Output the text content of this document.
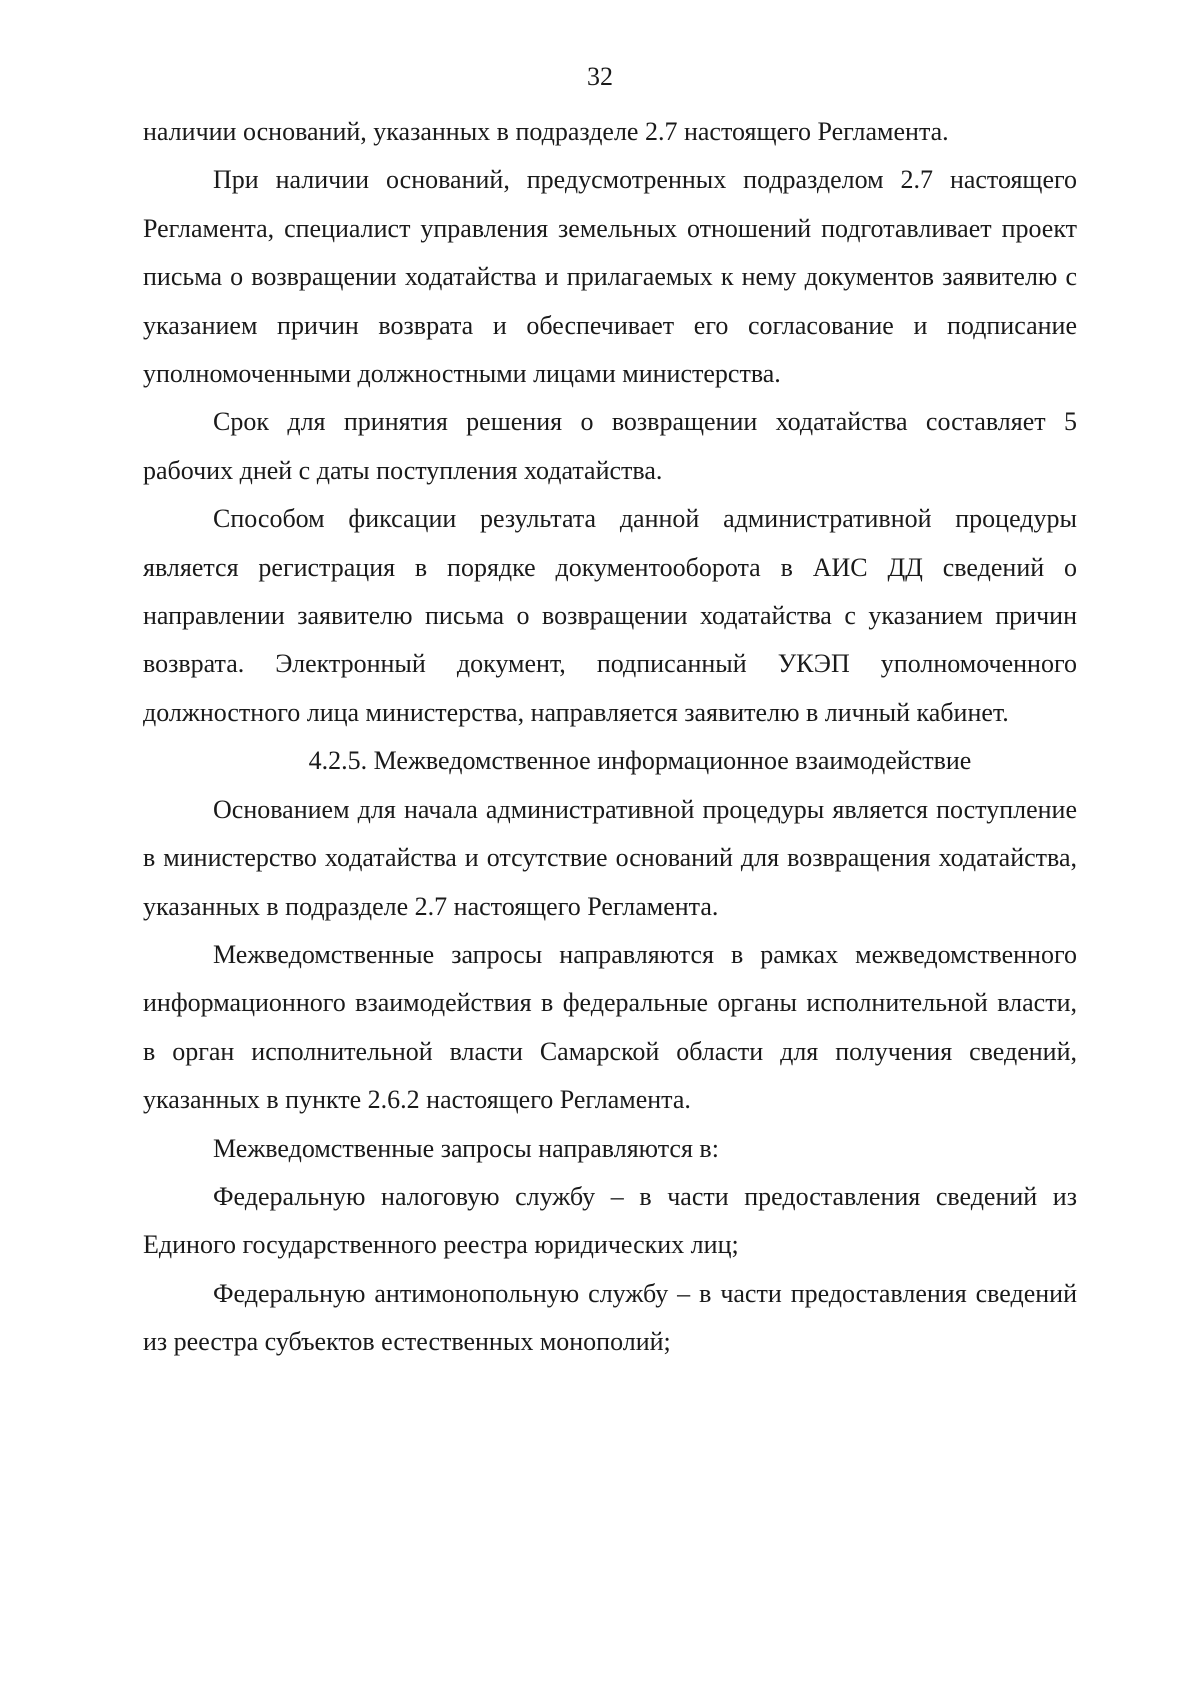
32

наличии оснований, указанных в подразделе 2.7 настоящего Регламента.

При наличии оснований, предусмотренных подразделом 2.7 настоящего Регламента, специалист управления земельных отношений подготавливает проект письма о возвращении ходатайства и прилагаемых к нему документов заявителю с указанием причин возврата и обеспечивает его согласование и подписание уполномоченными должностными лицами министерства.

Срок для принятия решения о возвращении ходатайства составляет 5 рабочих дней с даты поступления ходатайства.

Способом фиксации результата данной административной процедуры является регистрация в порядке документооборота в АИС ДД сведений о направлении заявителю письма о возвращении ходатайства с указанием причин возврата. Электронный документ, подписанный УКЭП уполномоченного должностного лица министерства, направляется заявителю в личный кабинет.

4.2.5. Межведомственное информационное взаимодействие

Основанием для начала административной процедуры является поступление в министерство ходатайства и отсутствие оснований для возвращения ходатайства, указанных в подразделе 2.7 настоящего Регламента.

Межведомственные запросы направляются в рамках межведомственного информационного взаимодействия в федеральные органы исполнительной власти, в орган исполнительной власти Самарской области для получения сведений, указанных в пункте 2.6.2 настоящего Регламента.

Межведомственные запросы направляются в:

Федеральную налоговую службу – в части предоставления сведений из Единого государственного реестра юридических лиц;

Федеральную антимонопольную службу – в части предоставления сведений из реестра субъектов естественных монополий;
